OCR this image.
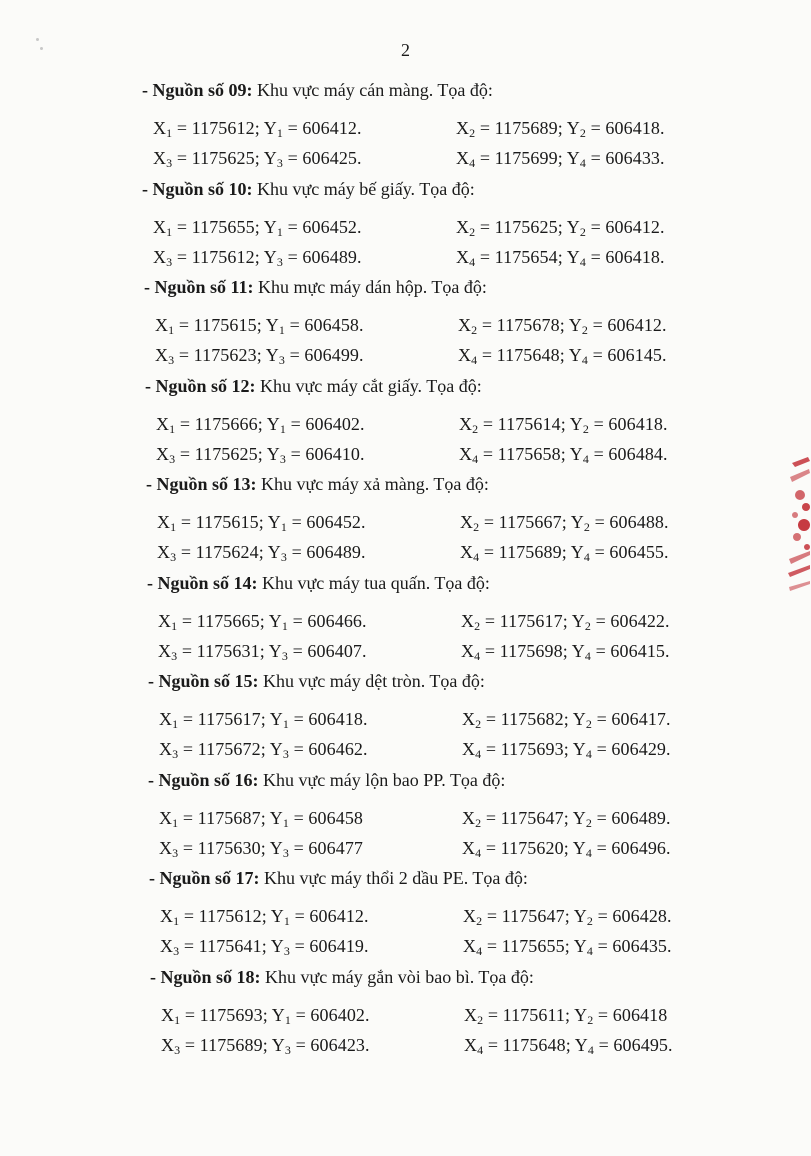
2
- Nguồn số 09: Khu vực máy cán màng. Tọa độ:
$X_1 = 1175612$; $Y_1 = 606412$.	$X_2 = 1175689$; $Y_2 = 606418$.
$X_3 = 1175625$; $Y_3 = 606425$.	$X_4 = 1175699$; $Y_4 = 606433$.
- Nguồn số 10: Khu vực máy bế giấy. Tọa độ:
$X_1 = 1175655$; $Y_1 = 606452$.	$X_2 = 1175625$; $Y_2 = 606412$.
$X_3 = 1175612$; $Y_3 = 606489$.	$X_4 = 1175654$; $Y_4 = 606418$.
- Nguồn số 11: Khu mực máy dán hộp. Tọa độ:
$X_1 = 1175615$; $Y_1 = 606458$.	$X_2 = 1175678$; $Y_2 = 606412$.
$X_3 = 1175623$; $Y_3 = 606499$.	$X_4 = 1175648$; $Y_4 = 606145$.
- Nguồn số 12: Khu vực máy cắt giấy. Tọa độ:
$X_1 = 1175666$; $Y_1 = 606402$.	$X_2 = 1175614$; $Y_2 = 606418$.
$X_3 = 1175625$; $Y_3 = 606410$.	$X_4 = 1175658$; $Y_4 = 606484$.
- Nguồn số 13: Khu vực máy xả màng. Tọa độ:
$X_1 = 1175615$; $Y_1 = 606452$.	$X_2 = 1175667$; $Y_2 = 606488$.
$X_3 = 1175624$; $Y_3 = 606489$.	$X_4 = 1175689$; $Y_4 = 606455$.
- Nguồn số 14: Khu vực máy tua quấn. Tọa độ:
$X_1 = 1175665$; $Y_1 = 606466$.	$X_2 = 1175617$; $Y_2 = 606422$.
$X_3 = 1175631$; $Y_3 = 606407$.	$X_4 = 1175698$; $Y_4 = 606415$.
- Nguồn số 15: Khu vực máy dệt tròn. Tọa độ:
$X_1 = 1175617$; $Y_1 = 606418$.	$X_2 = 1175682$; $Y_2 = 606417$.
$X_3 = 1175672$; $Y_3 = 606462$.	$X_4 = 1175693$; $Y_4 = 606429$.
- Nguồn số 16: Khu vực máy lộn bao PP. Tọa độ:
$X_1 = 1175687$; $Y_1 = 606458$	$X_2 = 1175647$; $Y_2 = 606489$.
$X_3 = 1175630$; $Y_3 = 606477$	$X_4 = 1175620$; $Y_4 = 606496$.
- Nguồn số 17: Khu vực máy thổi 2 dầu PE. Tọa độ:
$X_1 = 1175612$; $Y_1 = 606412$.	$X_2 = 1175647$; $Y_2 = 606428$.
$X_3 = 1175641$; $Y_3 = 606419$.	$X_4 = 1175655$; $Y_4 = 606435$.
- Nguồn số 18: Khu vực máy gắn vòi bao bì. Tọa độ:
$X_1 = 1175693$; $Y_1 = 606402$.	$X_2 = 1175611$; $Y_2 = 606418$
$X_3 = 1175689$; $Y_3 = 606423$.	$X_4 = 1175648$; $Y_4 = 606495$.
